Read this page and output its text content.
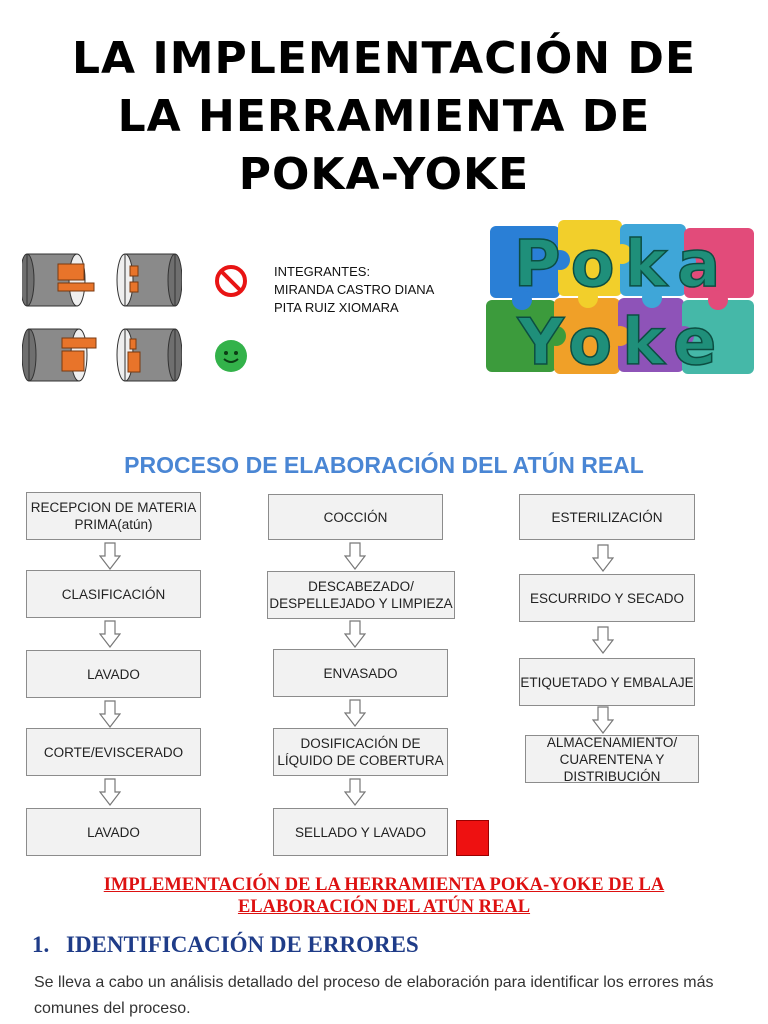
LA IMPLEMENTACIÓN DE
LA HERRAMIENTA DE
POKA-YOKE
INTEGRANTES:
MIRANDA CASTRO DIANA
PITA RUIZ XIOMARA
Poka
Yoke
PROCESO DE ELABORACIÓN DEL ATÚN REAL
RECEPCION DE MATERIA PRIMA(atún)
CLASIFICACIÓN
LAVADO
CORTE/EVISCERADO
LAVADO
COCCIÓN
DESCABEZADO/ DESPELLEJADO Y LIMPIEZA
ENVASADO
DOSIFICACIÓN DE LÍQUIDO DE COBERTURA
SELLADO Y LAVADO
ESTERILIZACIÓN
ESCURRIDO Y SECADO
ETIQUETADO Y EMBALAJE
ALMACENAMIENTO/ CUARENTENA Y DISTRIBUCIÓN
IMPLEMENTACIÓN DE LA HERRAMIENTA POKA-YOKE DE LA
ELABORACIÓN DEL ATÚN REAL
1. IDENTIFICACIÓN DE ERRORES
Se lleva a cabo un análisis detallado del proceso de elaboración para identificar los errores más comunes del proceso.
